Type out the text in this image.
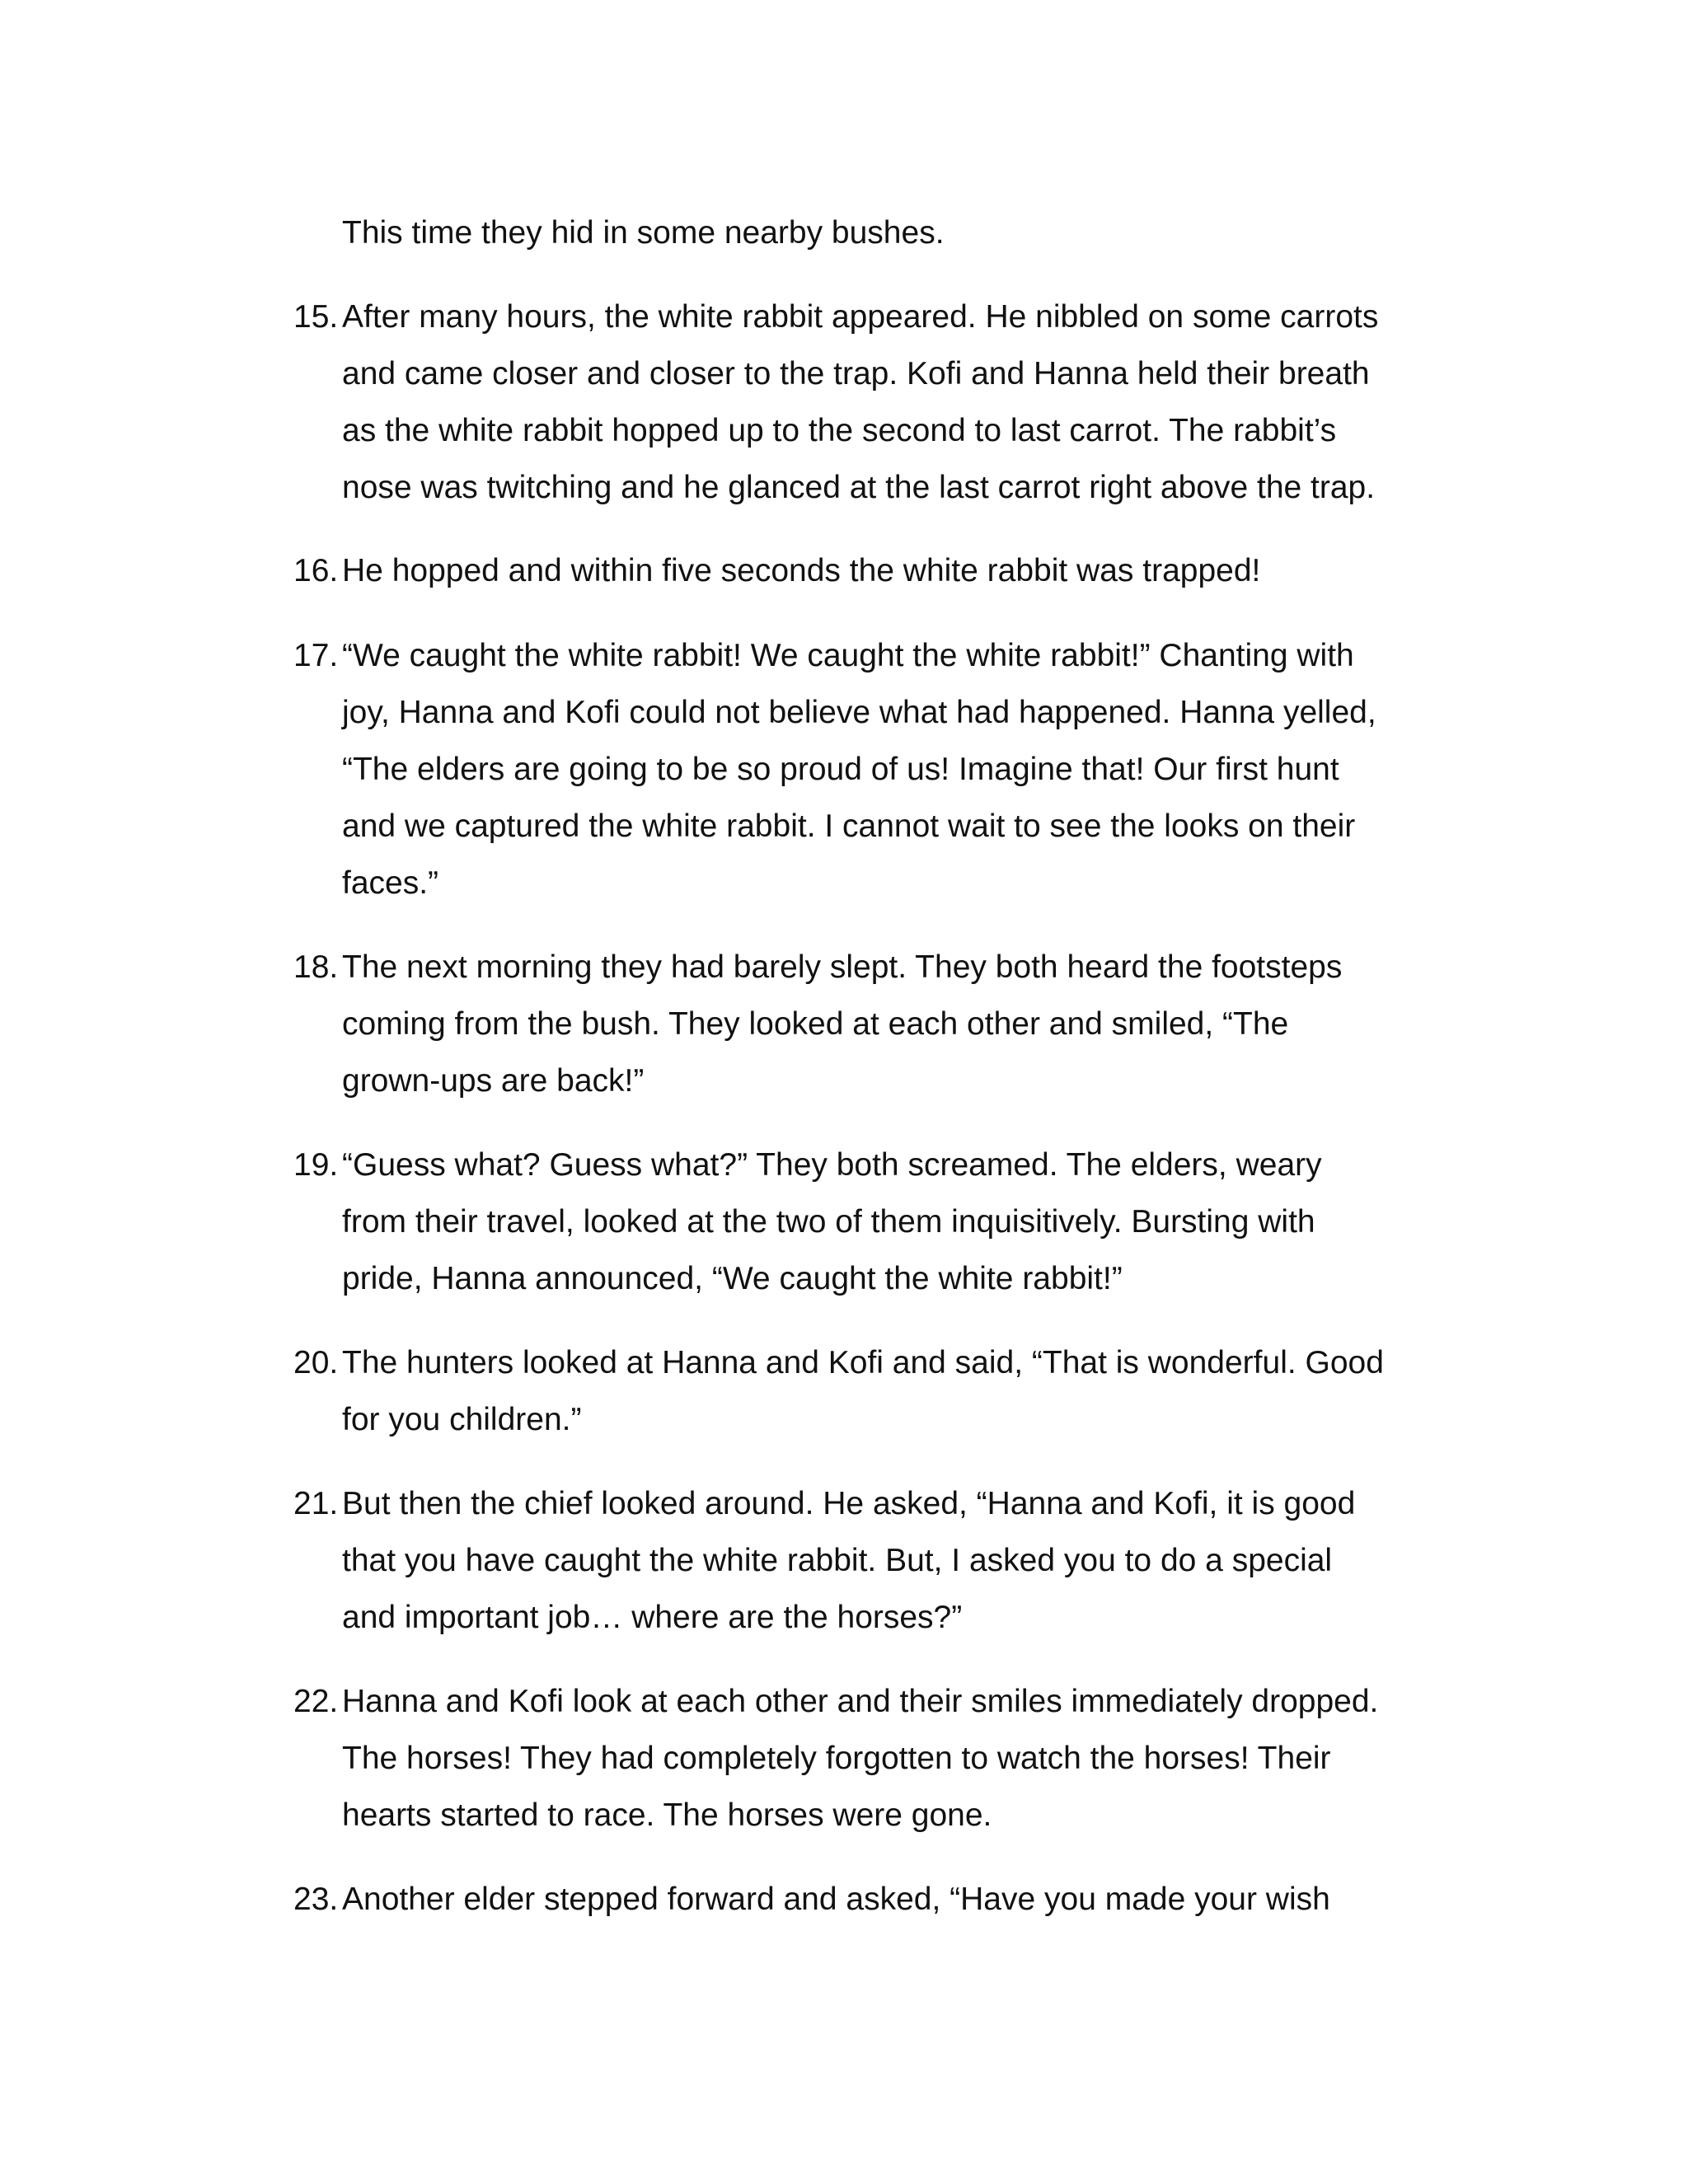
This time they hid in some nearby bushes.
15. After many hours, the white rabbit appeared. He nibbled on some carrots
and came closer and closer to the trap. Kofi and Hanna held their breath
as the white rabbit hopped up to the second to last carrot. The rabbit’s
nose was twitching and he glanced at the last carrot right above the trap.
16. He hopped and within five seconds the white rabbit was trapped!
17. “We caught the white rabbit! We caught the white rabbit!” Chanting with
joy, Hanna and Kofi could not believe what had happened. Hanna yelled,
“The elders are going to be so proud of us! Imagine that! Our first hunt
and we captured the white rabbit. I cannot wait to see the looks on their
faces.”
18. The next morning they had barely slept. They both heard the footsteps
coming from the bush. They looked at each other and smiled, “The
grown-ups are back!”
19. “Guess what? Guess what?” They both screamed. The elders, weary
from their travel, looked at the two of them inquisitively. Bursting with
pride, Hanna announced, “We caught the white rabbit!”
20. The hunters looked at Hanna and Kofi and said, “That is wonderful. Good
for you children.”
21. But then the chief looked around. He asked, “Hanna and Kofi, it is good
that you have caught the white rabbit. But, I asked you to do a special
and important job… where are the horses?”
22. Hanna and Kofi look at each other and their smiles immediately dropped.
The horses! They had completely forgotten to watch the horses! Their
hearts started to race. The horses were gone.
23. Another elder stepped forward and asked, “Have you made your wish
